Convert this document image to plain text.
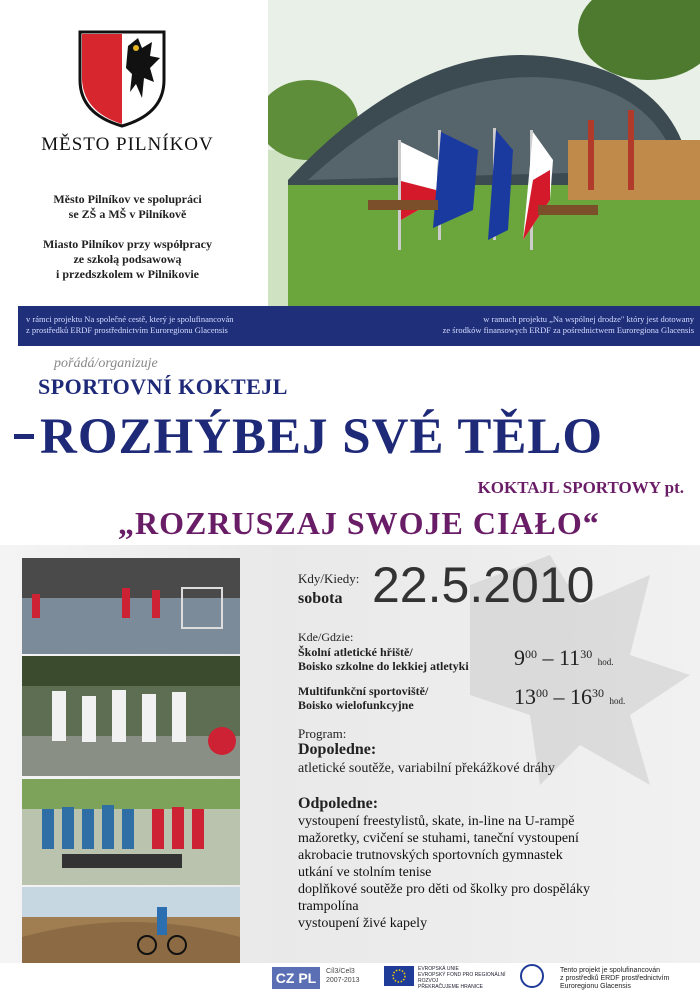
MĚSTO PILNÍKOV
Město Pilníkov ve spolupráci
se ZŠ a MŠ v Pilníkově
Miasto Pilníkov przy współpracy
ze szkołą podsawową
i przedszkolem w Pilnikovie
v rámci projektu Na společné cestě, který je spolufinancován
z prostředků ERDF prostřednictvím Euroregionu Glacensis
w ramach projektu „Na wspólnej drodze" który jest dotowany
ze środków finansowych ERDF za pośrednictwem Euroregiona Glacensis
pořádá/organizuje
SPORTOVNÍ KOKTEJL
ROZHÝBEJ SVÉ TĚLO
KOKTAJL SPORTOWY pt.
„ROZRUSZAJ SWOJE CIAŁO“
Kdy/Kiedy:
sobota 22.5.2010
Kde/Gdzie:
Školní atletické hřiště/
Boisko szkolne do lekkiej atletyki $9^{00} - 11^{30}$ hod.
Multifunkční sportoviště/
Boisko wielofunkcyjne	$13^{00} - 16^{30}$ hod.
Program:
Dopoledne:
atletické soutěže, variabilní překážkové dráhy
Odpoledne:
vystoupení freestylistů, skate, in-line na U-rampě
mažoretky, cvičení se stuhami, taneční vystoupení
akrobacie trutnovských sportovních gymnastek
utkání ve stolním tenise
doplňkové soutěže pro děti od školky pro dospěláky
trampolína
vystoupení živé kapely
CZ PL	Cíl3/Cel3
2007-2013
EVROPSKÁ UNIE
EVROPSKÝ FOND PRO REGIONÁLNÍ ROZVOJ
PŘEKRAČUJEME HRANICE
Tento projekt je spolufinancován
z prostředků ERDF prostřednictvím
Euroregionu Glacensis
